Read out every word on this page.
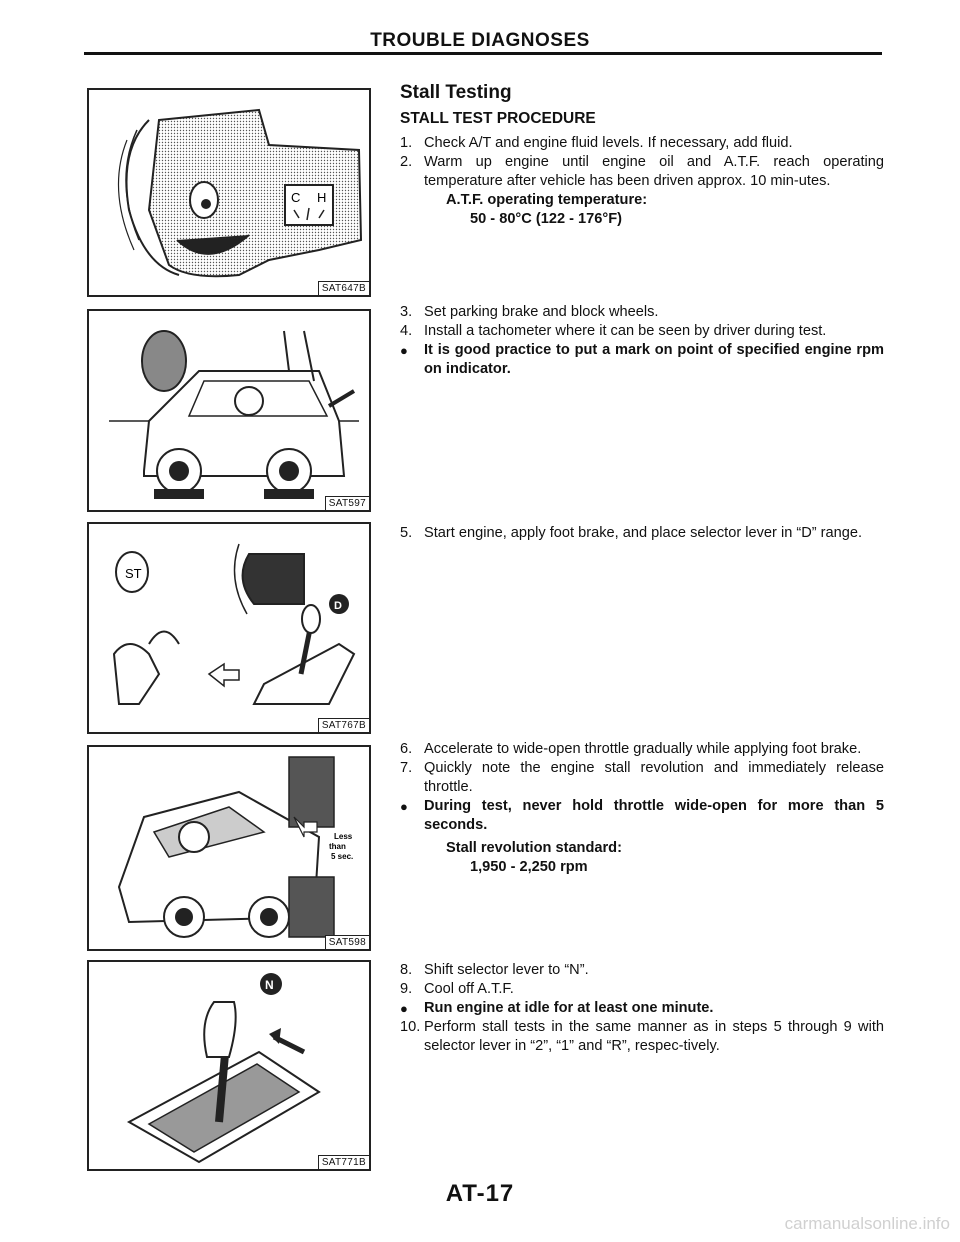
TROUBLE DIAGNOSES
C H
SAT647B
SAT597
ST
D
SAT767B
Less
than
5 sec.
SAT598
N
SAT771B
Stall Testing
STALL TEST PROCEDURE
1. Check A/T and engine fluid levels. If necessary, add fluid.
2. Warm up engine until engine oil and A.T.F. reach operating temperature after vehicle has been driven approx. 10 min-utes.
A.T.F. operating temperature:
50 - 80°C (122 - 176°F)
3. Set parking brake and block wheels.
4. Install a tachometer where it can be seen by driver during test.
● It is good practice to put a mark on point of specified engine rpm on indicator.
5. Start engine, apply foot brake, and place selector lever in “D” range.
6. Accelerate to wide-open throttle gradually while applying foot brake.
7. Quickly note the engine stall revolution and immediately release throttle.
● During test, never hold throttle wide-open for more than 5 seconds.
Stall revolution standard:
1,950 - 2,250 rpm
8. Shift selector lever to “N”.
9. Cool off A.T.F.
● Run engine at idle for at least one minute.
10. Perform stall tests in the same manner as in steps 5 through 9 with selector lever in “2”, “1” and “R”, respec-tively.
AT-17
carmanualsonline.info
